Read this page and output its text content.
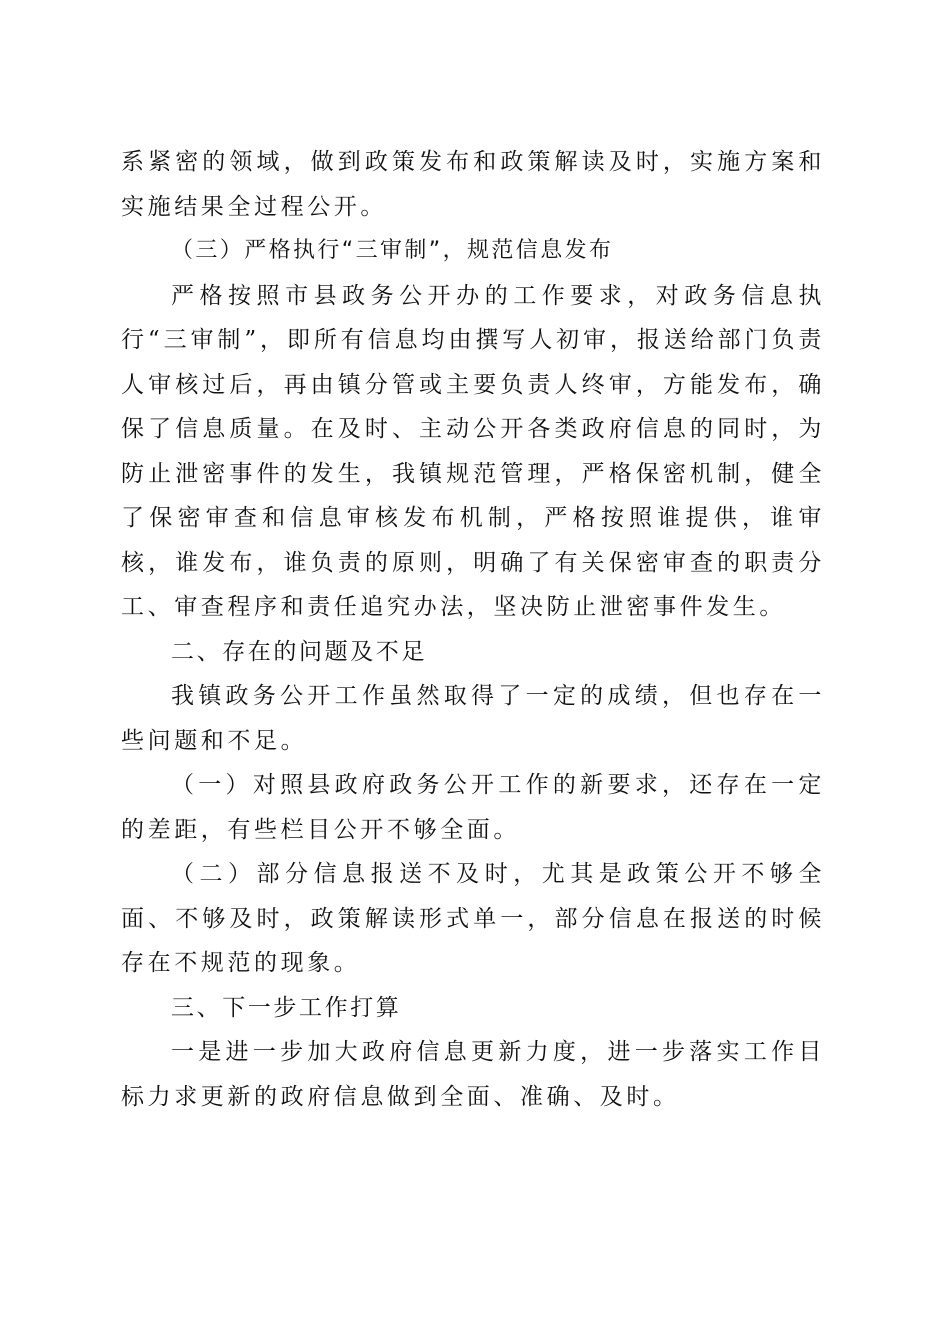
系紧密的领域，做到政策发布和政策解读及时，实施方案和实施结果全过程公开。

（三）严格执行“三审制”，规范信息发布

严格按照市县政务公开办的工作要求，对政务信息执行“三审制”，即所有信息均由撰写人初审，报送给部门负责人审核过后，再由镇分管或主要负责人终审，方能发布，确保了信息质量。在及时、主动公开各类政府信息的同时，为防止泄密事件的发生，我镇规范管理，严格保密机制，健全了保密审查和信息审核发布机制，严格按照谁提供，谁审核，谁发布，谁负责的原则，明确了有关保密审查的职责分工、审查程序和责任追究办法，坚决防止泄密事件发生。

二、存在的问题及不足

我镇政务公开工作虽然取得了一定的成绩，但也存在一些问题和不足。

（一）对照县政府政务公开工作的新要求，还存在一定的差距，有些栏目公开不够全面。

（二）部分信息报送不及时，尤其是政策公开不够全面、不够及时，政策解读形式单一，部分信息在报送的时候存在不规范的现象。

三、下一步工作打算

一是进一步加大政府信息更新力度，进一步落实工作目标力求更新的政府信息做到全面、准确、及时。
